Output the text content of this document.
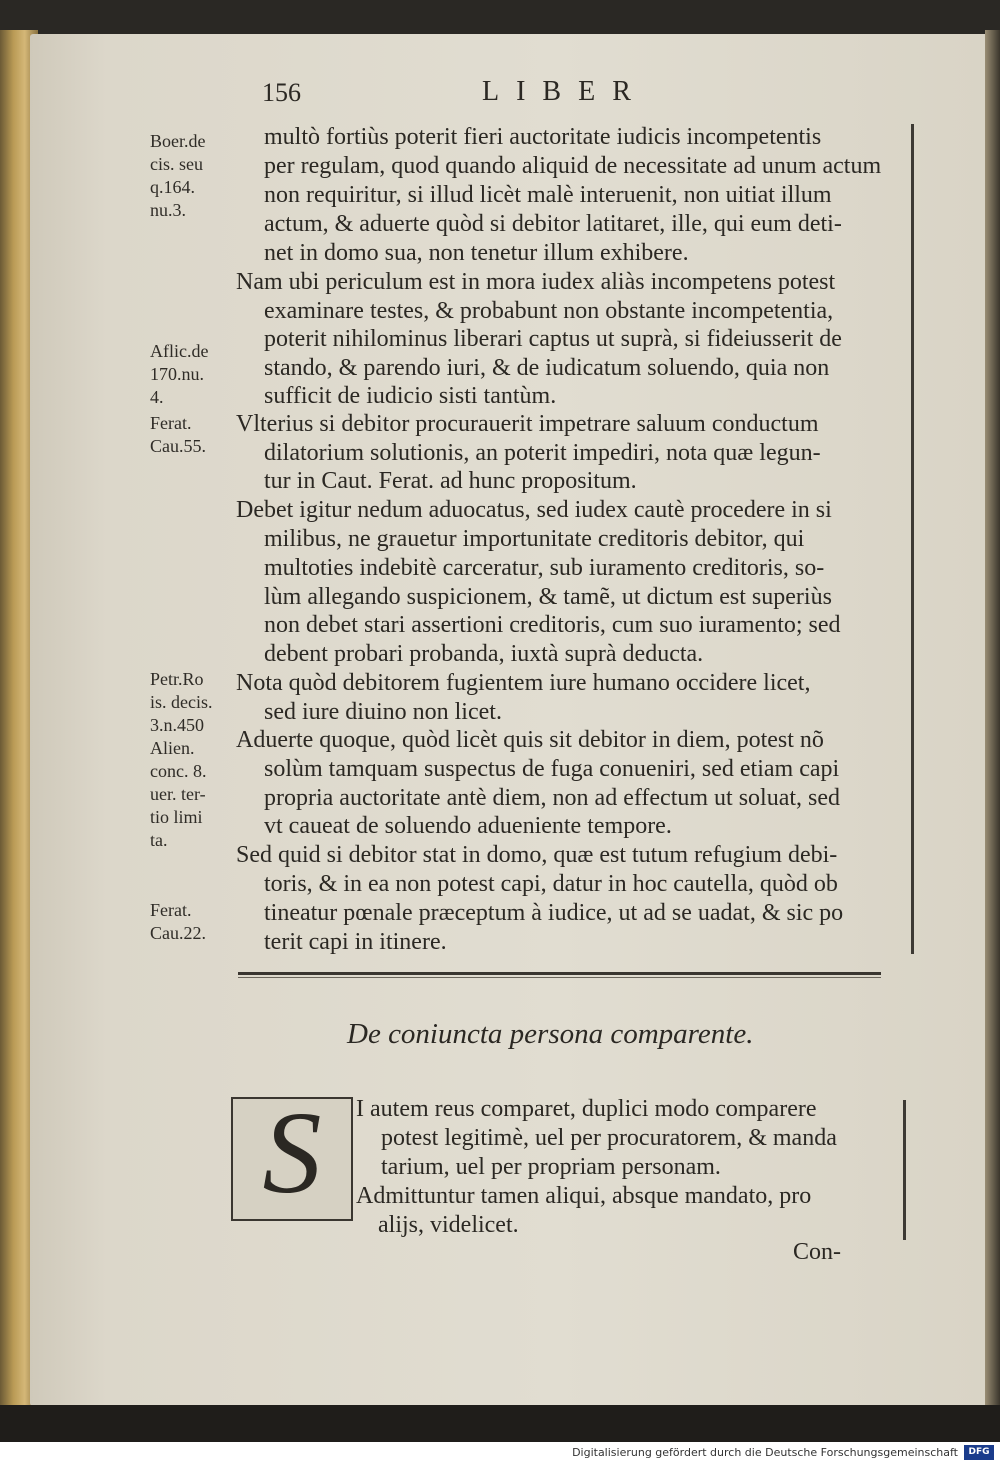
156	LIBER
Boer.de
cis. seu
q.164.
nu.3.
Aflic.de
170.nu.
4.
Ferat.
Cau.55.
Petr.Ro
is. decis.
3.n.450
Alien.
conc. 8.
uer. ter-
tio limi
ta.
Ferat.
Cau.22.
multò fortiùs poterit fieri auctoritate iudicis incompetentis
per regulam, quod quando aliquid de necessitate ad unum actum
non requiritur, si illud licèt malè interuenit, non uitiat illum
actum, & aduerte quòd si debitor latitaret, ille, qui eum deti-
net in domo sua, non tenetur illum exhibere.
Nam ubi periculum est in mora iudex aliàs incompetens potest
examinare testes, & probabunt non obstante incompetentia,
poterit nihilominus liberari captus ut suprà, si fideiusserit de
stando, & parendo iuri, & de iudicatum soluendo, quia non
sufficit de iudicio sisti tantùm.
Vlterius si debitor procurauerit impetrare saluum conductum
dilatorium solutionis, an poterit impediri, nota quæ legun-
tur in Caut. Ferat. ad hunc propositum.
Debet igitur nedum aduocatus, sed iudex cautè procedere in si
milibus, ne grauetur importunitate creditoris debitor, qui
multoties indebitè carceratur, sub iuramento creditoris, so-
lùm allegando suspicionem, & tamẽ, ut dictum est superiùs
non debet stari assertioni creditoris, cum suo iuramento; sed
debent probari probanda, iuxtà suprà deducta.
Nota quòd debitorem fugientem iure humano occidere licet,
sed iure diuino non licet.
Aduerte quoque, quòd licèt quis sit debitor in diem, potest nõ
solùm tamquam suspectus de fuga conueniri, sed etiam capi
propria auctoritate antè diem, non ad effectum ut soluat, sed
vt caueat de soluendo adueniente tempore.
Sed quid si debitor stat in domo, quæ est tutum refugium debi-
toris, & in ea non potest capi, datur in hoc cautella, quòd ob
tineatur pœnale præceptum à iudice, ut ad se uadat, & sic po
terit capi in itinere.
De coniuncta persona comparente.
S	I autem reus comparet, duplici modo comparere
potest legitimè, uel per procuratorem, & manda
tarium, uel per propriam personam.
Admittuntur tamen aliqui, absque mandato, pro
alijs, videlicet.
Con-
Digitalisierung gefördert durch die Deutsche Forschungsgemeinschaft	DFG
